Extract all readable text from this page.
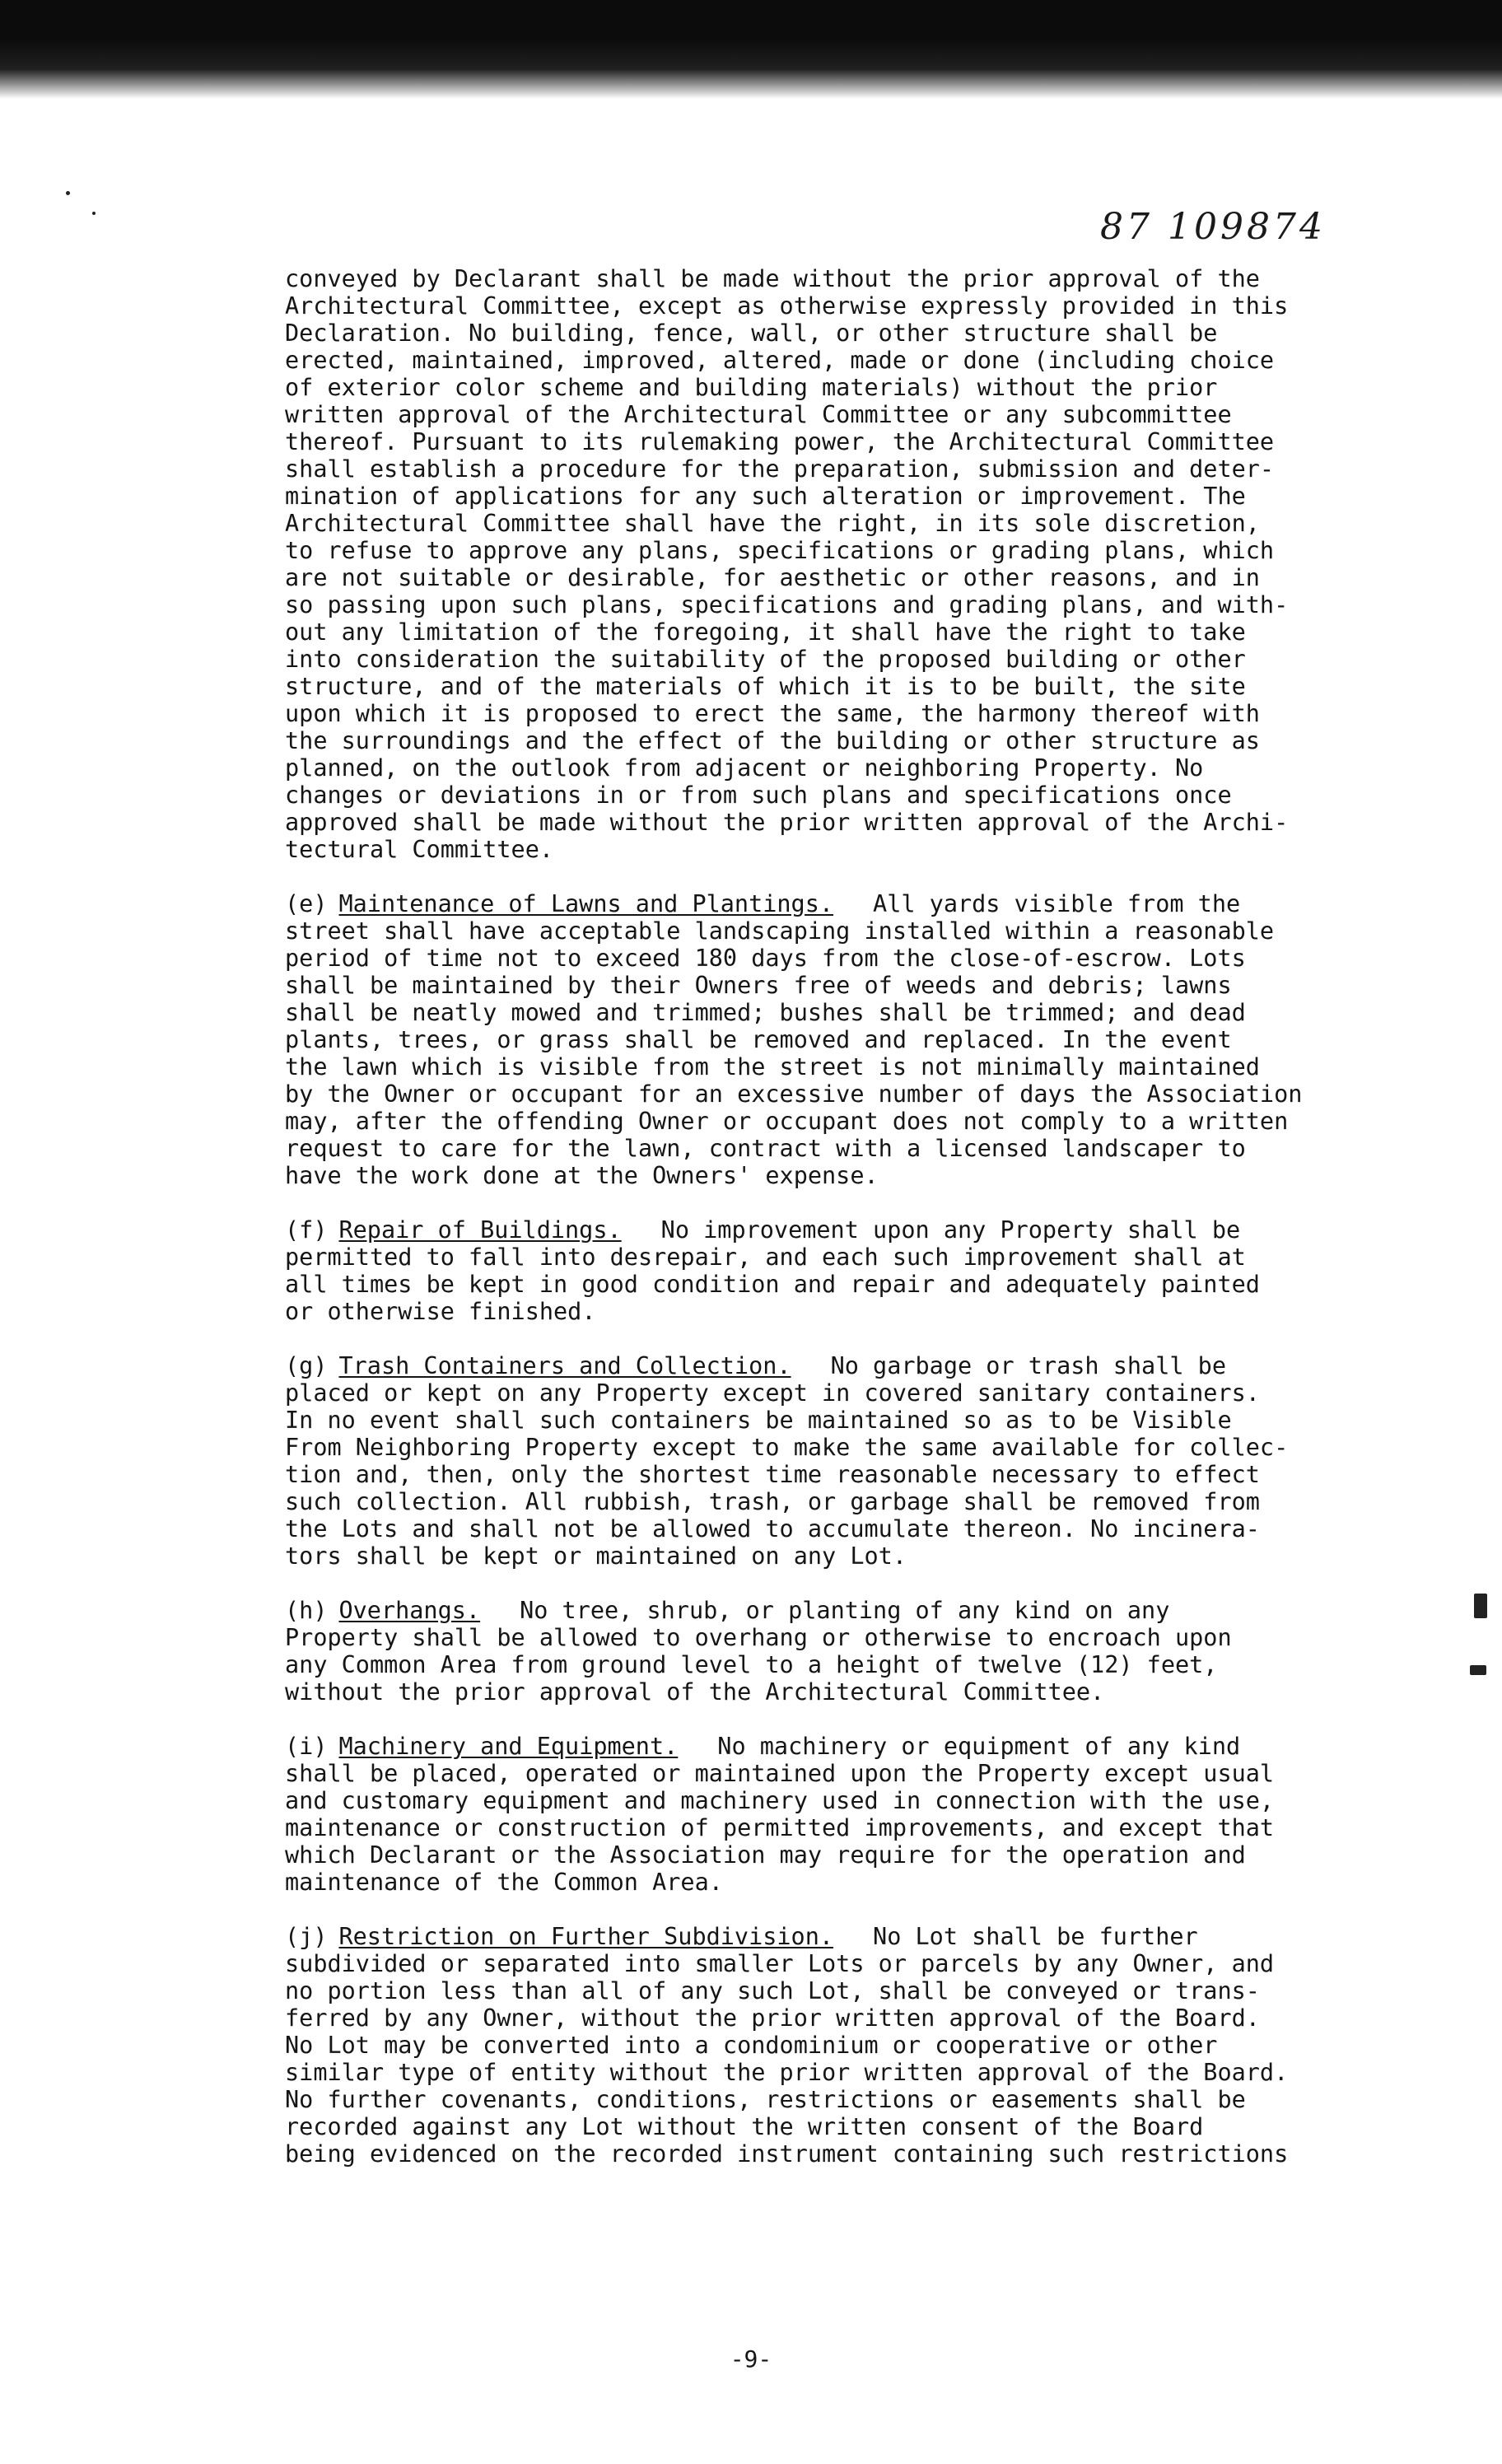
87 109874
conveyed by Declarant shall be made without the prior approval of the
Architectural Committee, except as otherwise expressly provided in this
Declaration. No building, fence, wall, or other structure shall be
erected, maintained, improved, altered, made or done (including choice
of exterior color scheme and building materials) without the prior
written approval of the Architectural Committee or any subcommittee
thereof. Pursuant to its rulemaking power, the Architectural Committee
shall establish a procedure for the preparation, submission and deter-
mination of applications for any such alteration or improvement. The
Architectural Committee shall have the right, in its sole discretion,
to refuse to approve any plans, specifications or grading plans, which
are not suitable or desirable, for aesthetic or other reasons, and in
so passing upon such plans, specifications and grading plans, and with-
out any limitation of the foregoing, it shall have the right to take
into consideration the suitability of the proposed building or other
structure, and of the materials of which it is to be built, the site
upon which it is proposed to erect the same, the harmony thereof with
the surroundings and the effect of the building or other structure as
planned, on the outlook from adjacent or neighboring Property. No
changes or deviations in or from such plans and specifications once
approved shall be made without the prior written approval of the Archi-
tectural Committee.
(e) Maintenance of Lawns and Plantings. All yards visible from the
street shall have acceptable landscaping installed within a reasonable
period of time not to exceed 180 days from the close-of-escrow. Lots
shall be maintained by their Owners free of weeds and debris; lawns
shall be neatly mowed and trimmed; bushes shall be trimmed; and dead
plants, trees, or grass shall be removed and replaced. In the event
the lawn which is visible from the street is not minimally maintained
by the Owner or occupant for an excessive number of days the Association
may, after the offending Owner or occupant does not comply to a written
request to care for the lawn, contract with a licensed landscaper to
have the work done at the Owners' expense.
(f) Repair of Buildings. No improvement upon any Property shall be
permitted to fall into desrepair, and each such improvement shall at
all times be kept in good condition and repair and adequately painted
or otherwise finished.
(g) Trash Containers and Collection. No garbage or trash shall be
placed or kept on any Property except in covered sanitary containers.
In no event shall such containers be maintained so as to be Visible
From Neighboring Property except to make the same available for collec-
tion and, then, only the shortest time reasonable necessary to effect
such collection. All rubbish, trash, or garbage shall be removed from
the Lots and shall not be allowed to accumulate thereon. No incinera-
tors shall be kept or maintained on any Lot.
(h) Overhangs. No tree, shrub, or planting of any kind on any
Property shall be allowed to overhang or otherwise to encroach upon
any Common Area from ground level to a height of twelve (12) feet,
without the prior approval of the Architectural Committee.
(i) Machinery and Equipment. No machinery or equipment of any kind
shall be placed, operated or maintained upon the Property except usual
and customary equipment and machinery used in connection with the use,
maintenance or construction of permitted improvements, and except that
which Declarant or the Association may require for the operation and
maintenance of the Common Area.
(j) Restriction on Further Subdivision. No Lot shall be further
subdivided or separated into smaller Lots or parcels by any Owner, and
no portion less than all of any such Lot, shall be conveyed or trans-
ferred by any Owner, without the prior written approval of the Board.
No Lot may be converted into a condominium or cooperative or other
similar type of entity without the prior written approval of the Board.
No further covenants, conditions, restrictions or easements shall be
recorded against any Lot without the written consent of the Board
being evidenced on the recorded instrument containing such restrictions
-9-
